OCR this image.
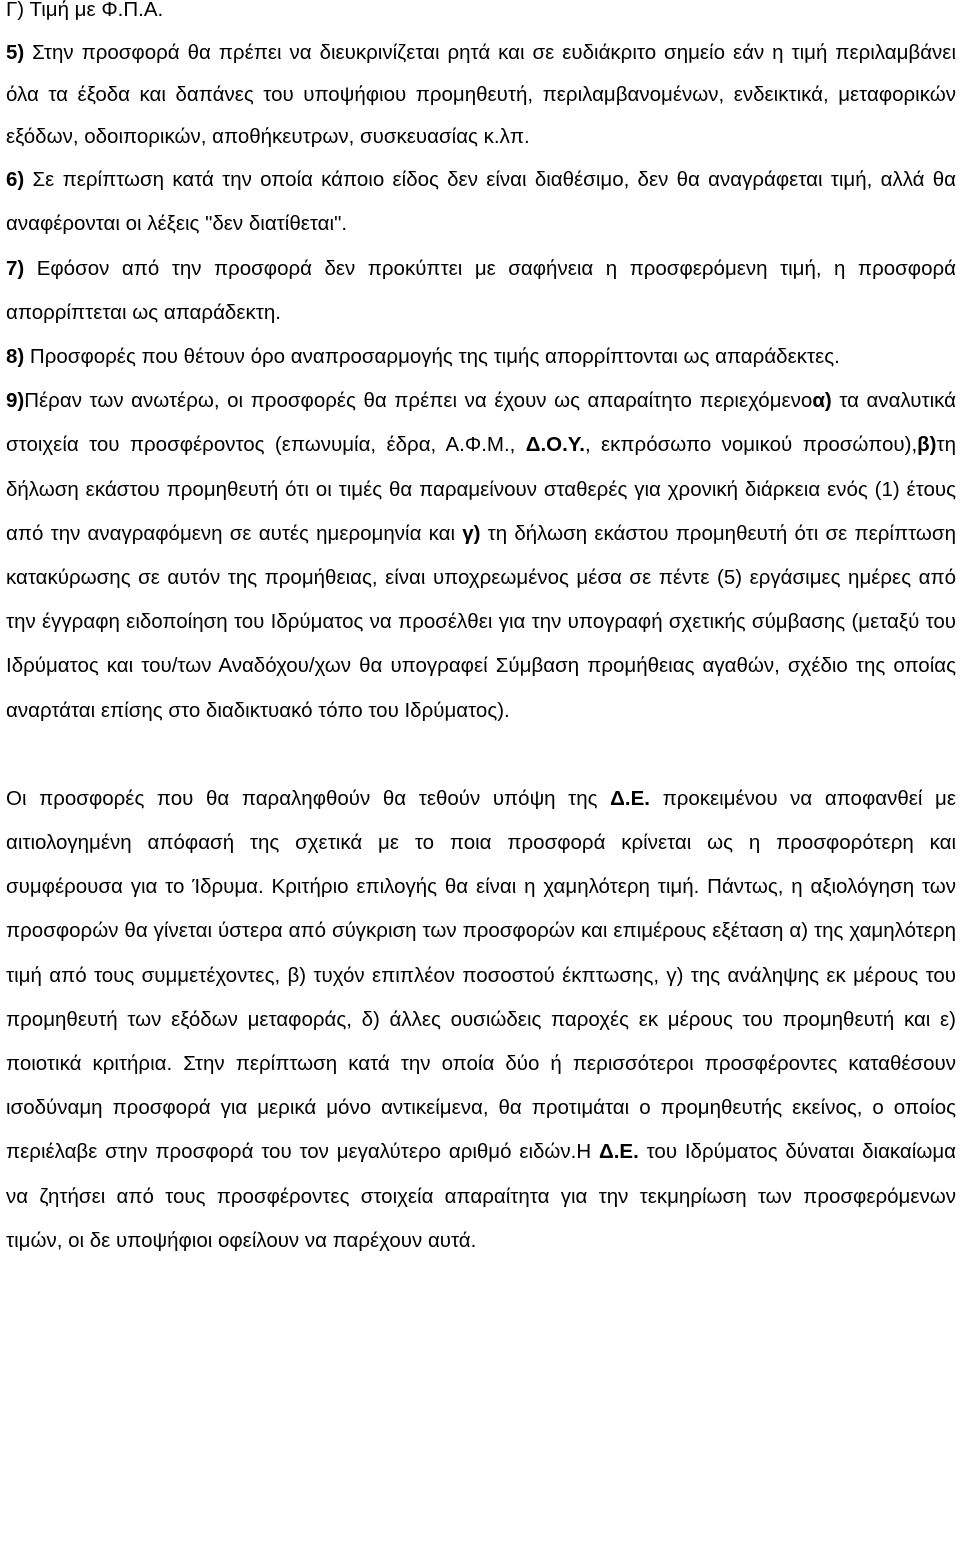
Γ) Τιμή με Φ.Π.Α.

5) Στην προσφορά θα πρέπει να διευκρινίζεται ρητά και σε ευδιάκριτο σημείο εάν η τιμή περιλαμβάνει όλα τα έξοδα και δαπάνες του υποψήφιου προμηθευτή, περιλαμβανομένων, ενδεικτικά, μεταφορικών εξόδων, οδοιπορικών, αποθήκευτρων, συσκευασίας κ.λπ.

6) Σε περίπτωση κατά την οποία κάποιο είδος δεν είναι διαθέσιμο, δεν θα αναγράφεται τιμή, αλλά θα αναφέρονται οι λέξεις "δεν διατίθεται".

7) Εφόσον από την προσφορά δεν προκύπτει με σαφήνεια η προσφερόμενη τιμή, η προσφορά απορρίπτεται ως απαράδεκτη.

8) Προσφορές που θέτουν όρο αναπροσαρμογής της τιμής απορρίπτονται ως απαράδεκτες.

9)Πέραν των ανωτέρω, οι προσφορές θα πρέπει να έχουν ως απαραίτητο περιεχόμενοα) τα αναλυτικά στοιχεία του προσφέροντος (επωνυμία, έδρα, Α.Φ.Μ., Δ.Ο.Υ., εκπρόσωπο νομικού προσώπου),β)τη δήλωση εκάστου προμηθευτή ότι οι τιμές θα παραμείνουν σταθερές για χρονική διάρκεια ενός (1) έτους από την αναγραφόμενη σε αυτές ημερομηνία και γ) τη δήλωση εκάστου προμηθευτή ότι σε περίπτωση κατακύρωσης σε αυτόν της προμήθειας, είναι υποχρεωμένος μέσα σε πέντε (5) εργάσιμες ημέρες από την έγγραφη ειδοποίηση του Ιδρύματος να προσέλθει για την υπογραφή σχετικής σύμβασης (μεταξύ του Ιδρύματος και του/των Αναδόχου/χων θα υπογραφεί Σύμβαση προμήθειας αγαθών, σχέδιο της οποίας αναρτάται επίσης στο διαδικτυακό τόπο του Ιδρύματος).

Οι προσφορές που θα παραληφθούν θα τεθούν υπόψη της Δ.Ε. προκειμένου να αποφανθεί με αιτιολογημένη απόφασή της σχετικά με το ποια προσφορά κρίνεται ως η προσφορότερη και συμφέρουσα για το Ίδρυμα. Κριτήριο επιλογής θα είναι η χαμηλότερη τιμή. Πάντως, η αξιολόγηση των προσφορών θα γίνεται ύστερα από σύγκριση των προσφορών και επιμέρους εξέταση α) της χαμηλότερη τιμή από τους συμμετέχοντες, β) τυχόν επιπλέον ποσοστού έκπτωσης, γ) της ανάληψης εκ μέρους του προμηθευτή των εξόδων μεταφοράς, δ) άλλες ουσιώδεις παροχές εκ μέρους του προμηθευτή και ε) ποιοτικά κριτήρια. Στην περίπτωση κατά την οποία δύο ή περισσότεροι προσφέροντες καταθέσουν ισοδύναμη προσφορά για μερικά μόνο αντικείμενα, θα προτιμάται ο προμηθευτής εκείνος, ο οποίος περιέλαβε στην προσφορά του τον μεγαλύτερο αριθμό ειδών.Η Δ.Ε. του Ιδρύματος δύναται διακαίωμα να ζητήσει από τους προσφέροντες στοιχεία απαραίτητα για την τεκμηρίωση των προσφερόμενων τιμών, οι δε υποψήφιοι οφείλουν να παρέχουν αυτά.
